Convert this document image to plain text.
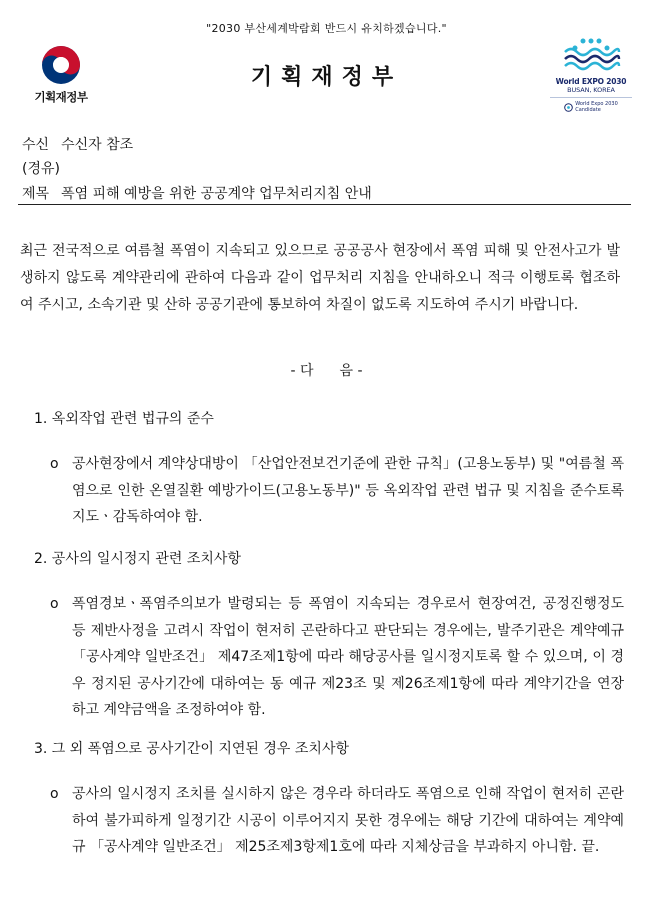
"2030 부산세계박람회 반드시 유치하겠습니다."
기획재정부
기획재정부	World EXPO 2030
BUSAN, KOREA
World Expo 2030
Candidate
수신 수신자 참조
(경유)
제목 폭염 피해 예방을 위한 공공계약 업무처리지침 안내
최근 전국적으로 여름철 폭염이 지속되고 있으므로 공공공사 현장에서 폭염 피해 및 안전사고가 발생하지 않도록 계약관리에 관하여 다음과 같이 업무처리 지침을 안내하오니 적극 이행토록 협조하여 주시고, 소속기관 및 산하 공공기관에 통보하여 차질이 없도록 지도하여 주시기 바랍니다.
- 다 음 -
1. 옥외작업 관련 법규의 준수
o 공사현장에서 계약상대방이 「산업안전보건기준에 관한 규칙」(고용노동부) 및 "여름철 폭염으로 인한 온열질환 예방가이드(고용노동부)" 등 옥외작업 관련 법규 및 지침을 준수토록 지도ㆍ감독하여야 함.
2. 공사의 일시정지 관련 조치사항
o 폭염경보ㆍ폭염주의보가 발령되는 등 폭염이 지속되는 경우로서 현장여건, 공정진행정도 등 제반사정을 고려시 작업이 현저히 곤란하다고 판단되는 경우에는, 발주기관은 계약예규 「공사계약 일반조건」 제47조제1항에 따라 해당공사를 일시정지토록 할 수 있으며, 이 경우 정지된 공사기간에 대하여는 동 예규 제23조 및 제26조제1항에 따라 계약기간을 연장하고 계약금액을 조정하여야 함.
3. 그 외 폭염으로 공사기간이 지연된 경우 조치사항
o 공사의 일시정지 조치를 실시하지 않은 경우라 하더라도 폭염으로 인해 작업이 현저히 곤란하여 불가피하게 일정기간 시공이 이루어지지 못한 경우에는 해당 기간에 대하여는 계약예규 「공사계약 일반조건」 제25조제3항제1호에 따라 지체상금을 부과하지 아니함. 끝.
